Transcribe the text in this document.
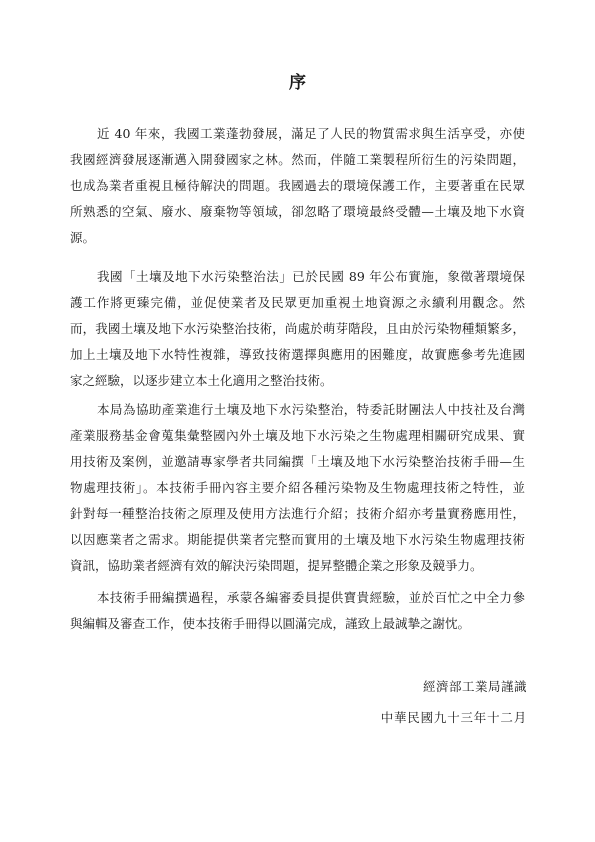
序
近 40 年來，我國工業蓬勃發展，滿足了人民的物質需求與生活享受，亦使
我國經濟發展逐漸邁入開發國家之林。然而，伴隨工業製程所衍生的污染問題，
也成為業者重視且極待解決的問題。我國過去的環境保護工作，主要著重在民眾
所熟悉的空氣、廢水、廢棄物等領域，卻忽略了環境最終受體—土壤及地下水資
源。
我國「土壤及地下水污染整治法」已於民國 89 年公布實施，象徵著環境保
護工作將更臻完備，並促使業者及民眾更加重視土地資源之永續利用觀念。然
而，我國土壤及地下水污染整治技術，尚處於萌芽階段，且由於污染物種類繁多，
加上土壤及地下水特性複雜，導致技術選擇與應用的困難度，故實應參考先進國
家之經驗，以逐步建立本土化適用之整治技術。
本局為協助產業進行土壤及地下水污染整治，特委託財團法人中技社及台灣
產業服務基金會蒐集彙整國內外土壤及地下水污染之生物處理相關研究成果、實
用技術及案例，並邀請專家學者共同編撰「土壤及地下水污染整治技術手冊—生
物處理技術」。本技術手冊內容主要介紹各種污染物及生物處理技術之特性，並
針對每一種整治技術之原理及使用方法進行介紹；技術介紹亦考量實務應用性，
以因應業者之需求。期能提供業者完整而實用的土壤及地下水污染生物處理技術
資訊，協助業者經濟有效的解決污染問題，提昇整體企業之形象及競爭力。
本技術手冊編撰過程，承蒙各編審委員提供寶貴經驗，並於百忙之中全力參
與編輯及審查工作，使本技術手冊得以圓滿完成，謹致上最誠摯之謝忱。
經濟部工業局謹識
中華民國九十三年十二月
